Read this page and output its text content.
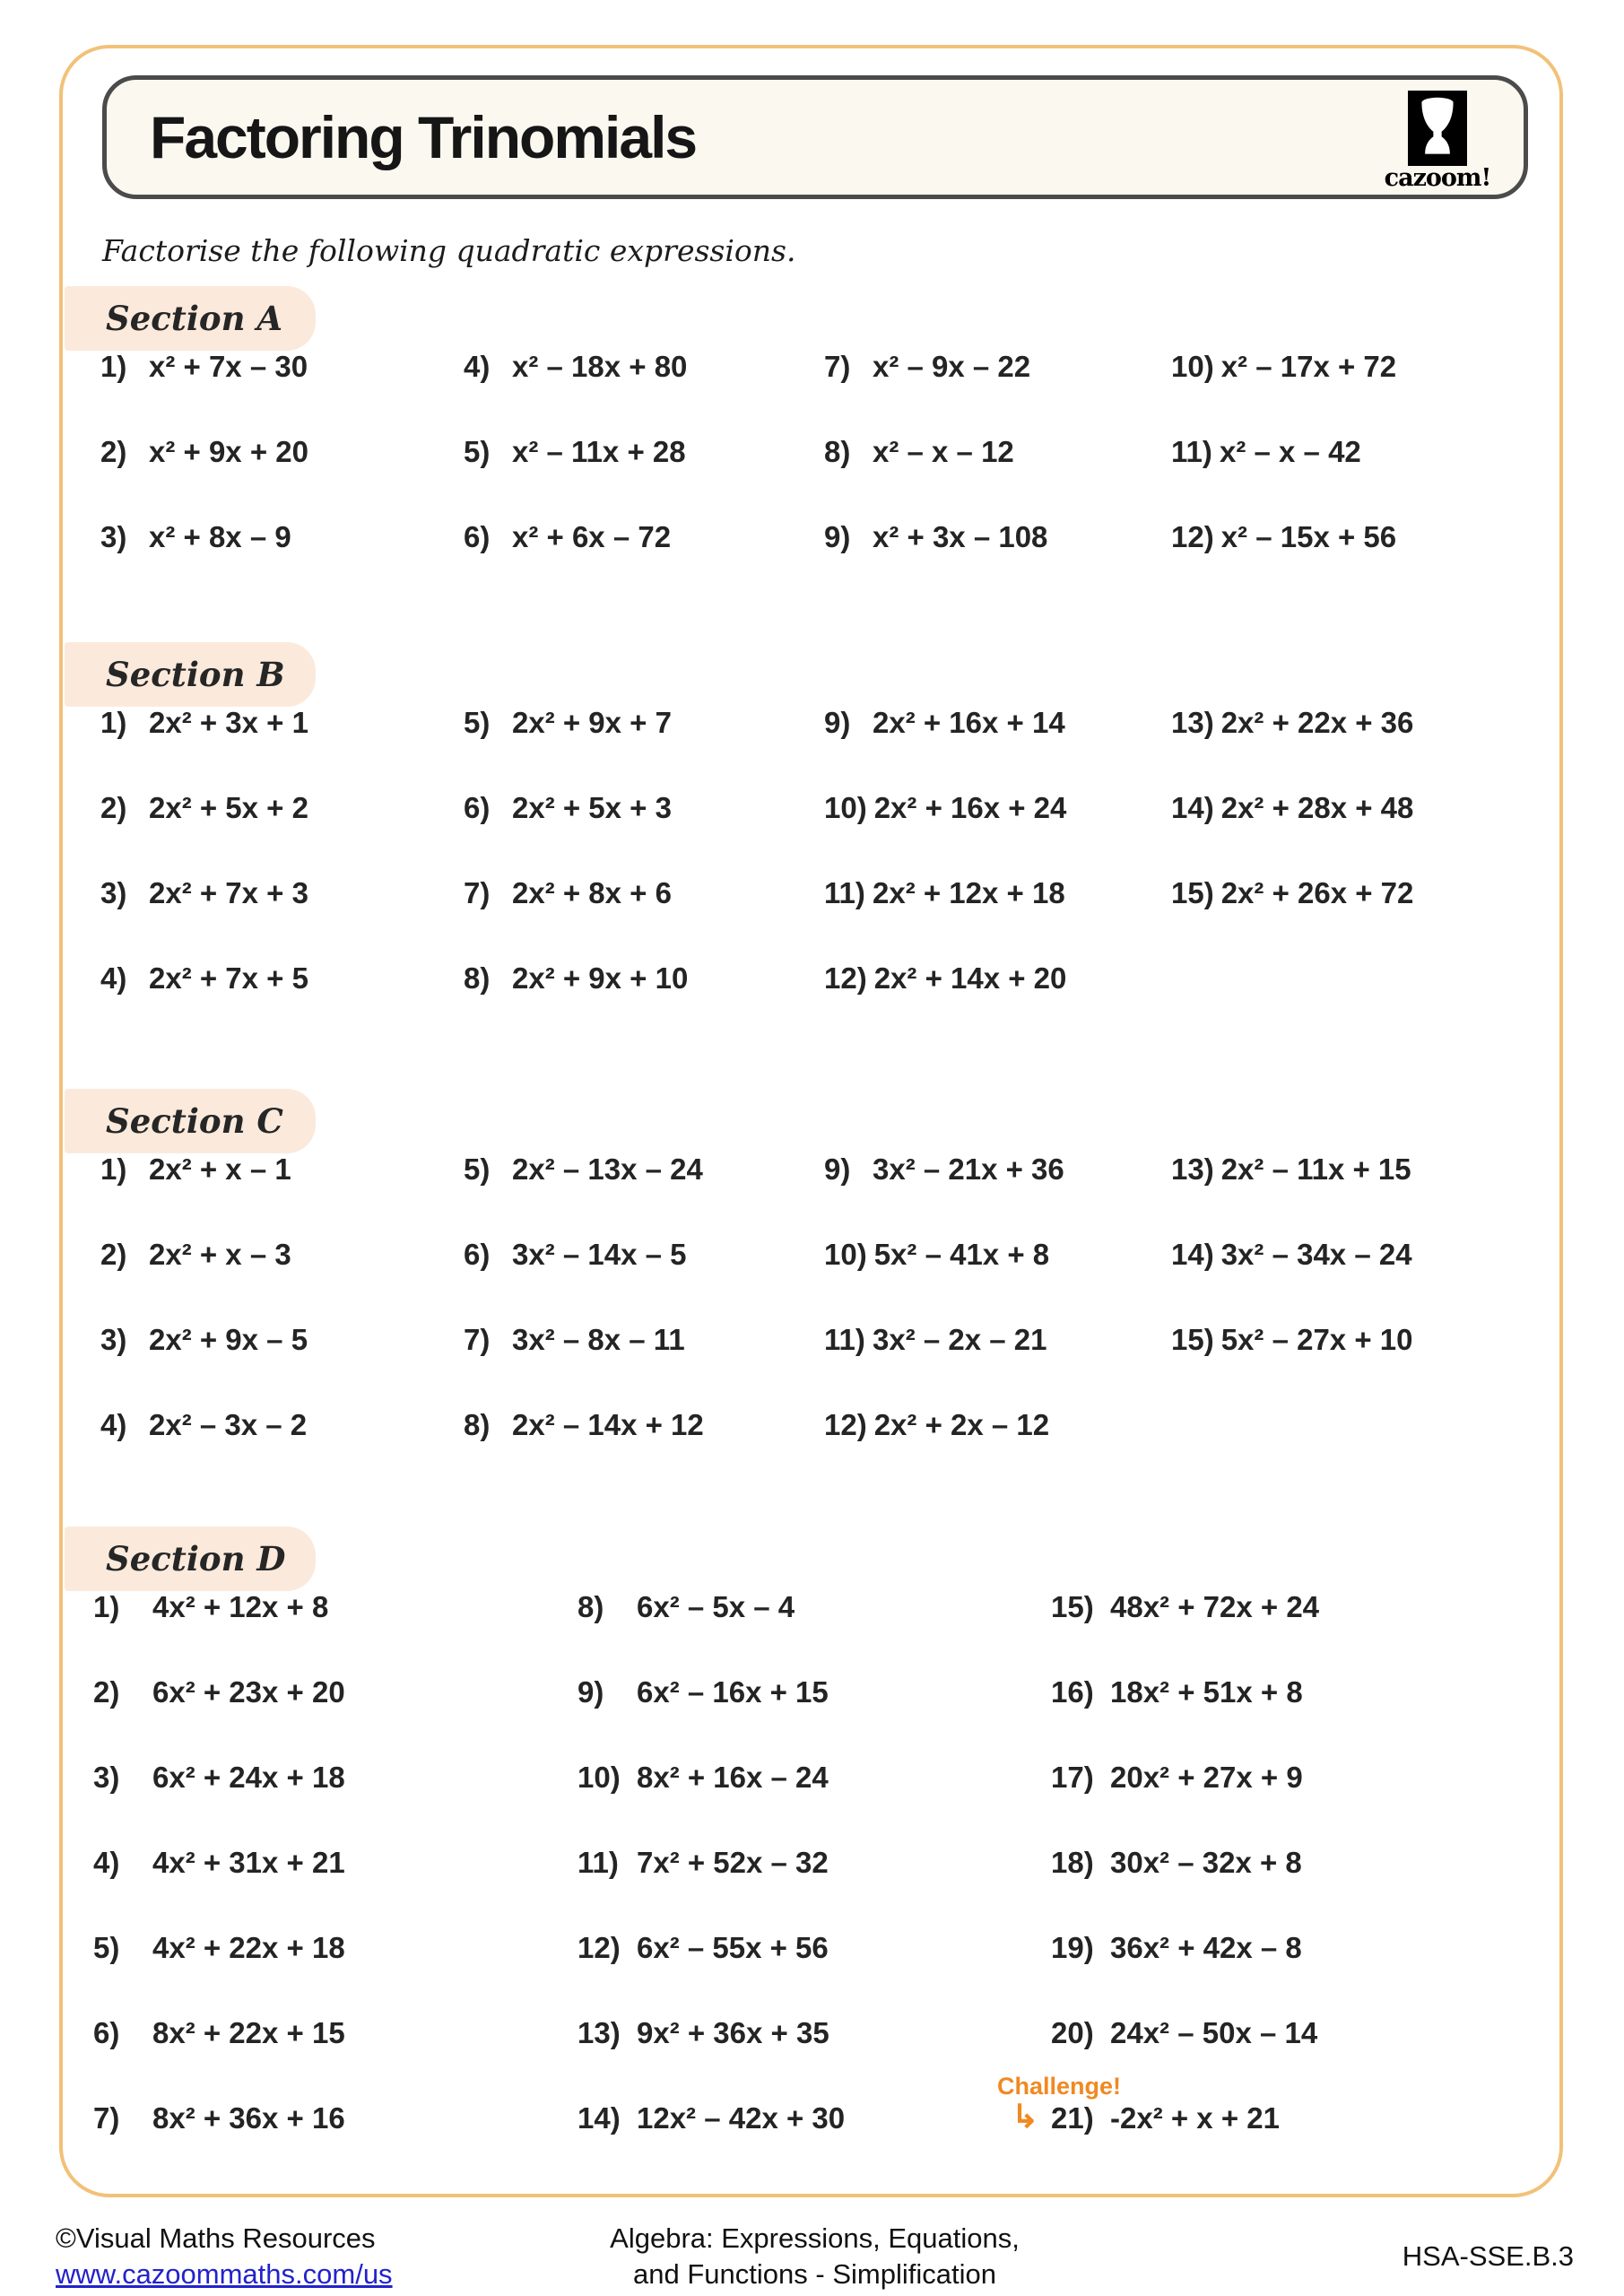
Factoring Trinomials
cazoom!

Factorise the following quadratic expressions.

Section A
1) x² + 7x – 30
2) x² + 9x + 20
3) x² + 8x – 9
4) x² – 18x + 80
5) x² – 11x + 28
6) x² + 6x – 72
7) x² – 9x – 22
8) x² – x – 12
9) x² + 3x – 108
10) x² – 17x + 72
11) x² – x – 42
12) x² – 15x + 56
Section B
1) 2x² + 3x + 1
2) 2x² + 5x + 2
3) 2x² + 7x + 3
4) 2x² + 7x + 5
5) 2x² + 9x + 7
6) 2x² + 5x + 3
7) 2x² + 8x + 6
8) 2x² + 9x + 10
9) 2x² + 16x + 14
10) 2x² + 16x + 24
11) 2x² + 12x + 18
12) 2x² + 14x + 20
13) 2x² + 22x + 36
14) 2x² + 28x + 48
15) 2x² + 26x + 72
Section C
1) 2x² + x – 1
2) 2x² + x – 3
3) 2x² + 9x – 5
4) 2x² – 3x – 2
5) 2x² – 13x – 24
6) 3x² – 14x – 5
7) 3x² – 8x – 11
8) 2x² – 14x + 12
9) 3x² – 21x + 36
10) 5x² – 41x + 8
11) 3x² – 2x – 21
12) 2x² + 2x – 12
13) 2x² – 11x + 15
14) 3x² – 34x – 24
15) 5x² – 27x + 10
Section D
1)	4x² + 12x + 8
2)	6x² + 23x + 20
3)	6x² + 24x + 18
4)	4x² + 31x + 21
5)	4x² + 22x + 18
6)	8x² + 22x + 15
7)	8x² + 36x + 16
8)	6x² – 5x – 4
9)	6x² – 16x + 15
10) 8x² + 16x – 24
11) 7x² + 52x – 32
12) 6x² – 55x + 56
13) 9x² + 36x + 35
14) 12x² – 42x + 30
15) 48x² + 72x + 24
16) 18x² + 51x + 8
17) 20x² + 27x + 9
18) 30x² – 32x + 8
19) 36x² + 42x – 8
20) 24x² – 50x – 14
Challenge!
↳ 21) -2x² + x + 21
©Visual Maths Resources
www.cazoommaths.com/us
Algebra: Expressions, Equations,
and Functions - Simplification
HSA-SSE.B.3
